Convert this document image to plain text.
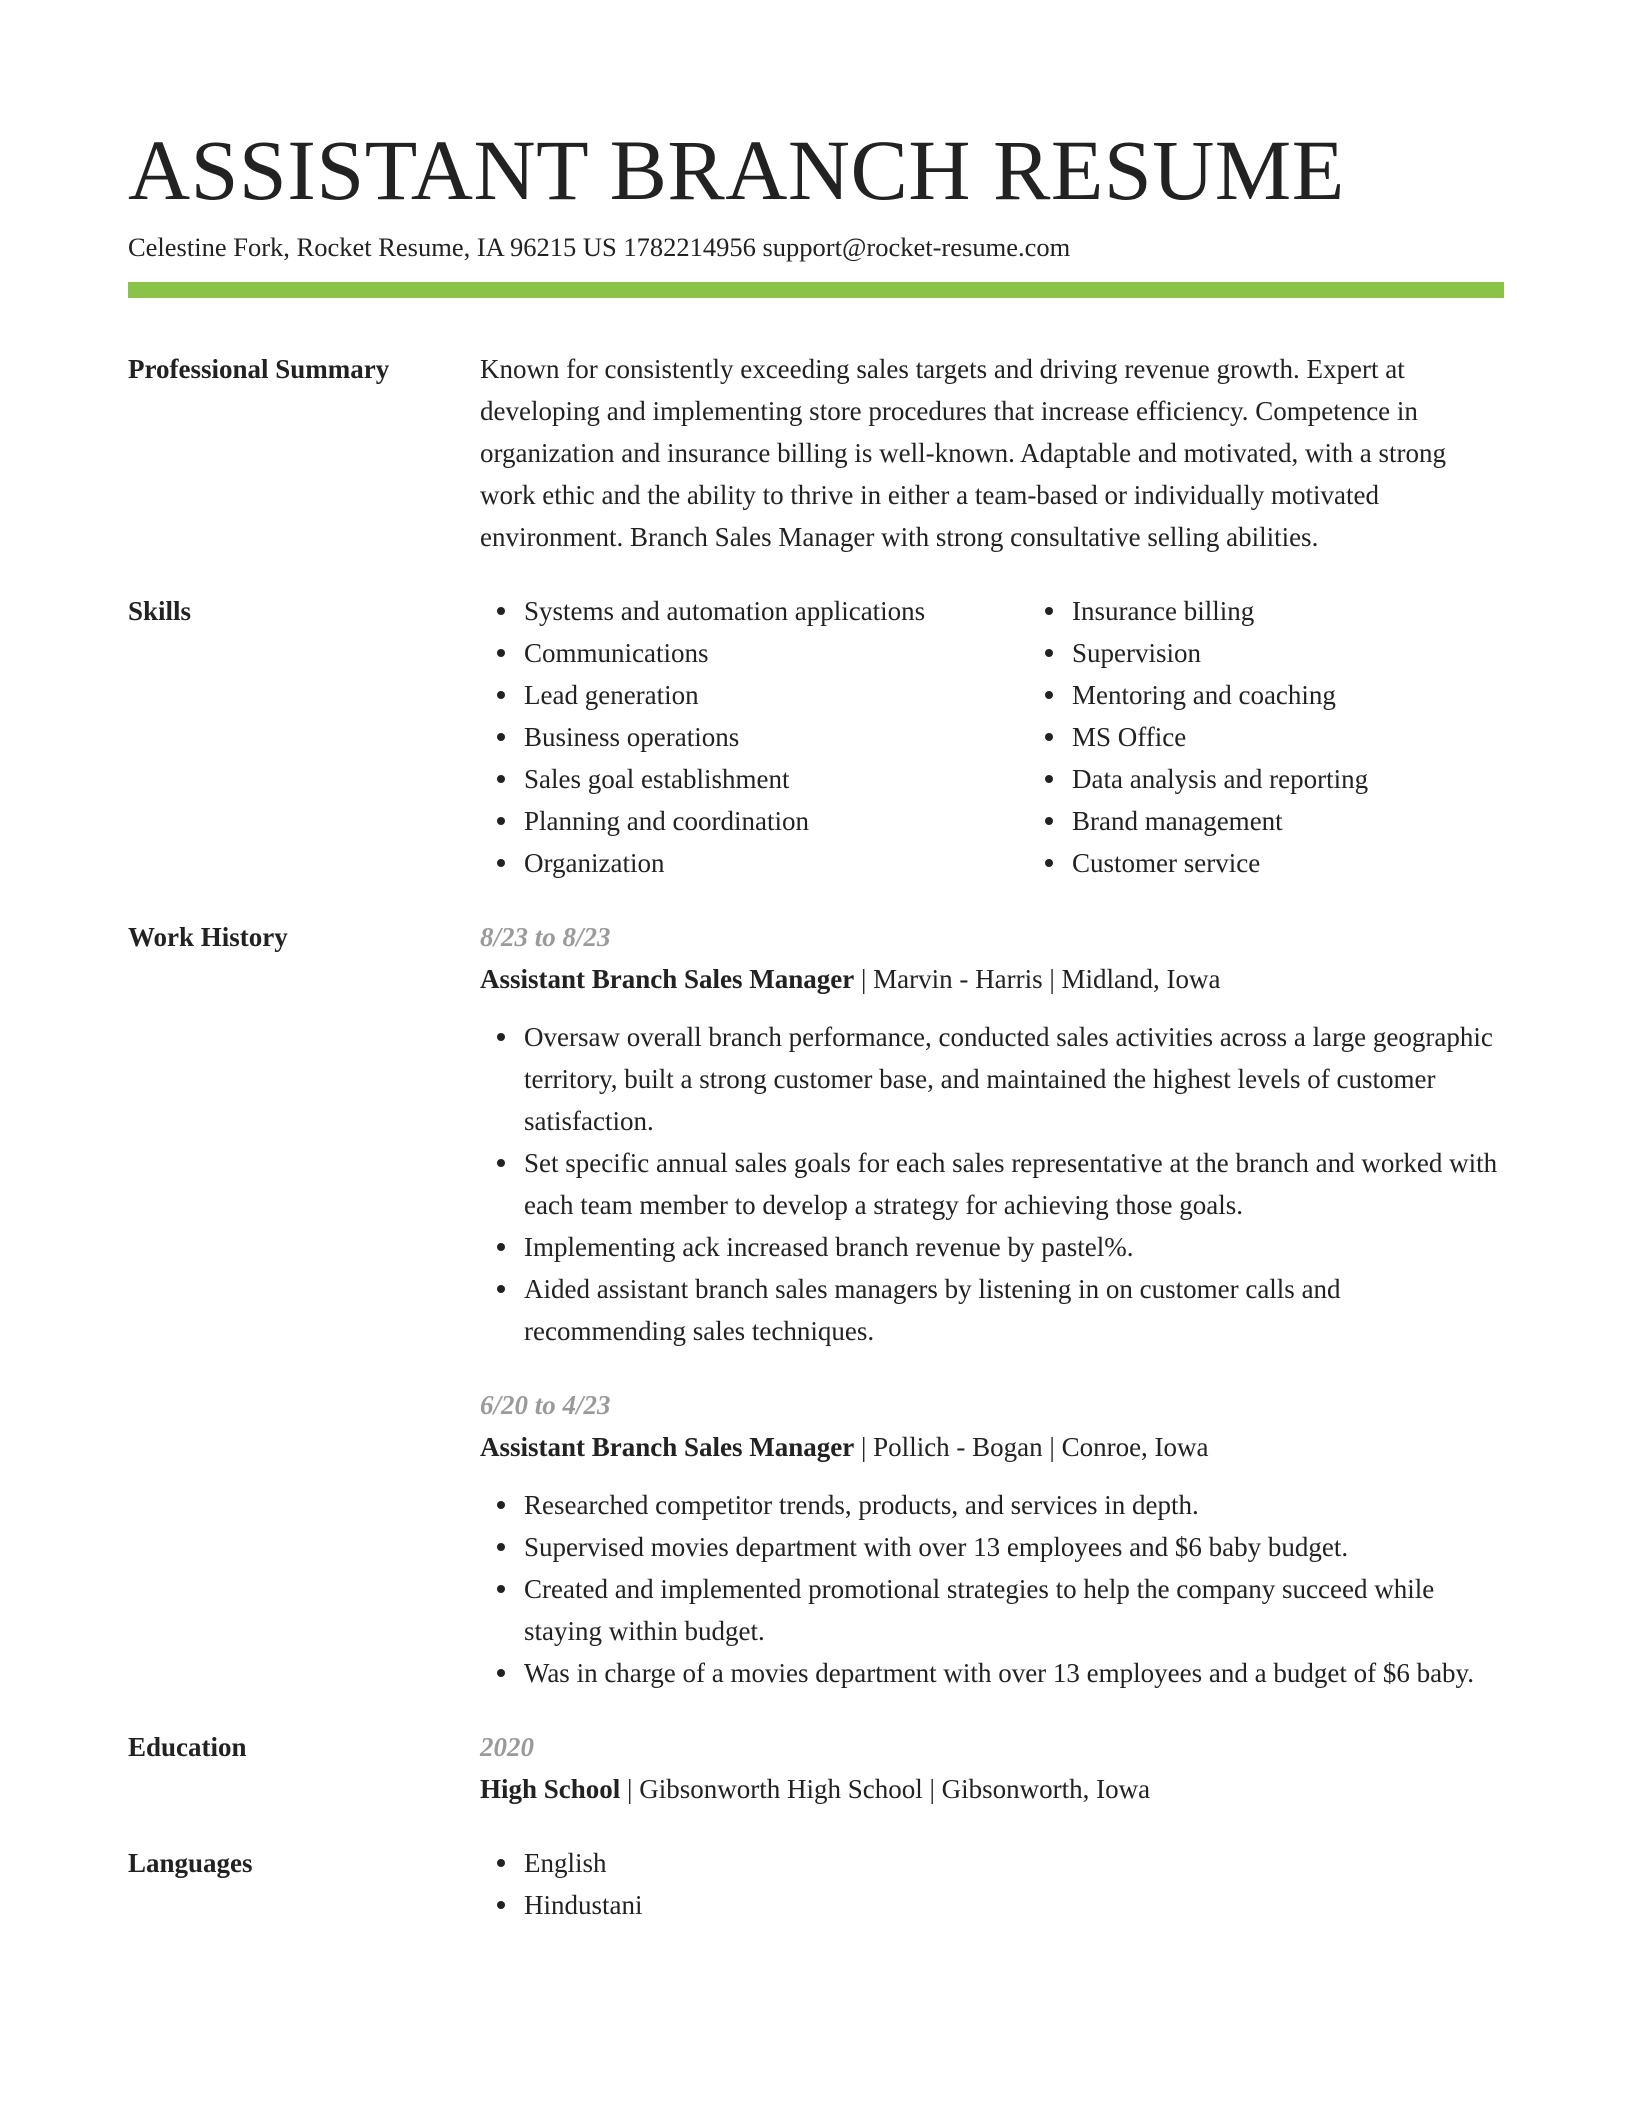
ASSISTANT BRANCH RESUME
Celestine Fork, Rocket Resume, IA 96215 US 1782214956 support@rocket-resume.com
Professional Summary	Known for consistently exceeding sales targets and driving revenue growth. Expert at developing and implementing store procedures that increase efficiency. Competence in organization and insurance billing is well-known. Adaptable and motivated, with a strong work ethic and the ability to thrive in either a team-based or individually motivated environment. Branch Sales Manager with strong consultative selling abilities.
Skills	Systems and automation applications
Communications
Lead generation
Business operations
Sales goal establishment
Planning and coordination
Organization
Insurance billing
Supervision
Mentoring and coaching
MS Office
Data analysis and reporting
Brand management
Customer service
Work History	8/23 to 8/23
Assistant Branch Sales Manager | Marvin - Harris | Midland, Iowa
Oversaw overall branch performance, conducted sales activities across a large geographic territory, built a strong customer base, and maintained the highest levels of customer satisfaction.
Set specific annual sales goals for each sales representative at the branch and worked with each team member to develop a strategy for achieving those goals.
Implementing ack increased branch revenue by pastel%.
Aided assistant branch sales managers by listening in on customer calls and recommending sales techniques.
6/20 to 4/23
Assistant Branch Sales Manager | Pollich - Bogan | Conroe, Iowa
Researched competitor trends, products, and services in depth.
Supervised movies department with over 13 employees and $6 baby budget.
Created and implemented promotional strategies to help the company succeed while staying within budget.
Was in charge of a movies department with over 13 employees and a budget of $6 baby.
Education	2020
High School | Gibsonworth High School | Gibsonworth, Iowa
Languages	English
Hindustani
